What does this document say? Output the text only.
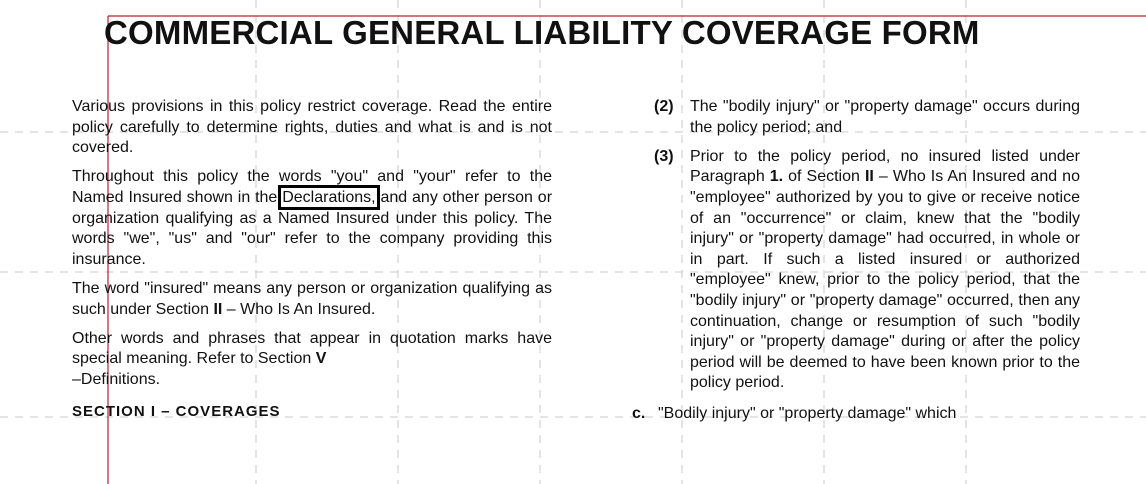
COMMERCIAL GENERAL LIABILITY COVERAGE FORM

Various provisions in this policy restrict coverage. Read the entire policy carefully to determine rights, duties and what is and is not covered.

Throughout this policy the words "you" and "your" refer to the Named Insured shown in the Declarations, and any other person or organization qualifying as a Named Insured under this policy. The words "we", "us" and "our" refer to the company providing this insurance.

The word "insured" means any person or organization qualifying as such under Section II – Who Is An Insured.

Other words and phrases that appear in quotation marks have special meaning. Refer to Section V
–Definitions.

SECTION I – COVERAGES

(2)	The "bodily injury" or "property damage" occurs during the policy period; and
(3)	Prior to the policy period, no insured listed under Paragraph 1. of Section II – Who Is An Insured and no "employee" authorized by you to give or receive notice of an "occurrence" or claim, knew that the "bodily injury" or "property damage" had occurred, in whole or in part. If such a listed insured or authorized "employee" knew, prior to the policy period, that the "bodily injury" or "property damage" occurred, then any continuation, change or resumption of such "bodily injury" or "property damage" during or after the policy period will be deemed to have been known prior to the policy period.
c. "Bodily injury" or "property damage" which
